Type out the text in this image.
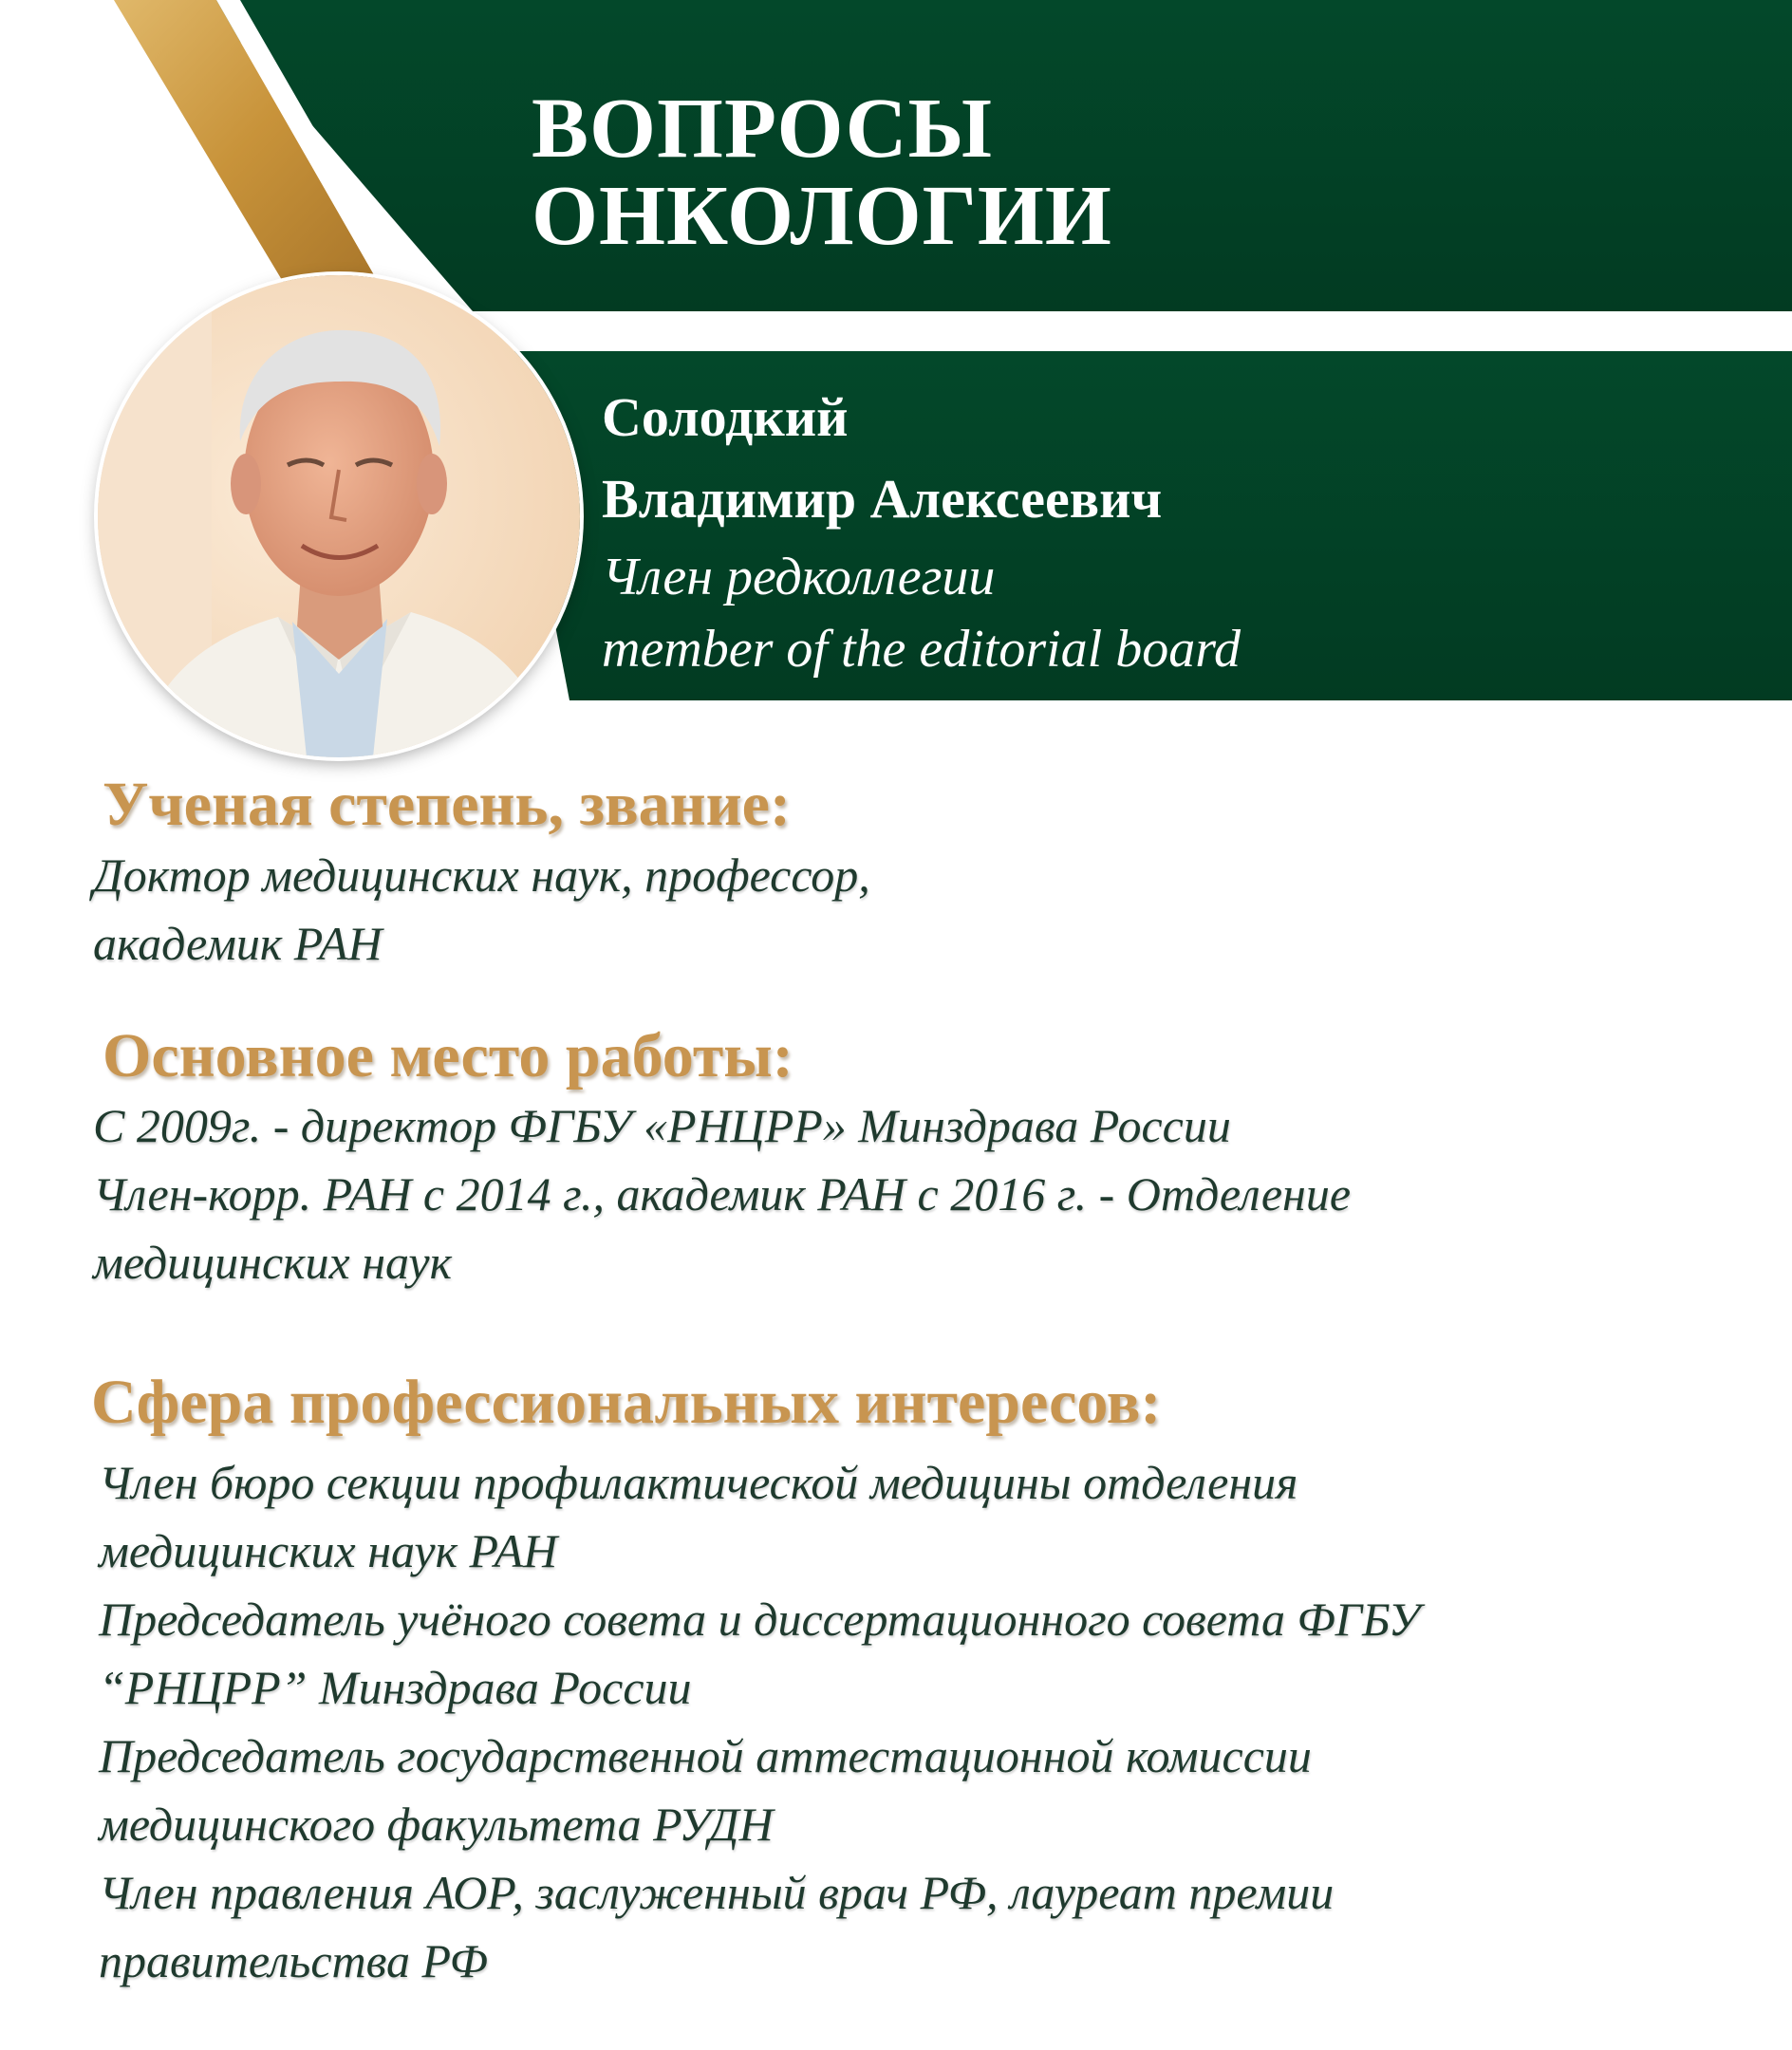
ВОПРОСЫ
ОНКОЛОГИИ
Солодкий
Владимир Алексеевич
Член редколлегии
member of the editorial board
Ученая степень, звание:
Доктор медицинских наук, профессор,
академик РАН
Основное место работы:
С 2009г. - директор ФГБУ «РНЦРР» Минздрава России
Член-корр. РАН с 2014 г., академик РАН с 2016 г. - Отделение
медицинских наук
Сфера профессиональных интересов:
Член бюро секции профилактической медицины отделения
медицинских наук РАН
Председатель учёного совета и диссертационного совета ФГБУ
“РНЦРР” Минздрава России
Председатель государственной аттестационной комиссии
медицинского факультета РУДН
Член правления АОР, заслуженный врач РФ, лауреат премии
правительства РФ
